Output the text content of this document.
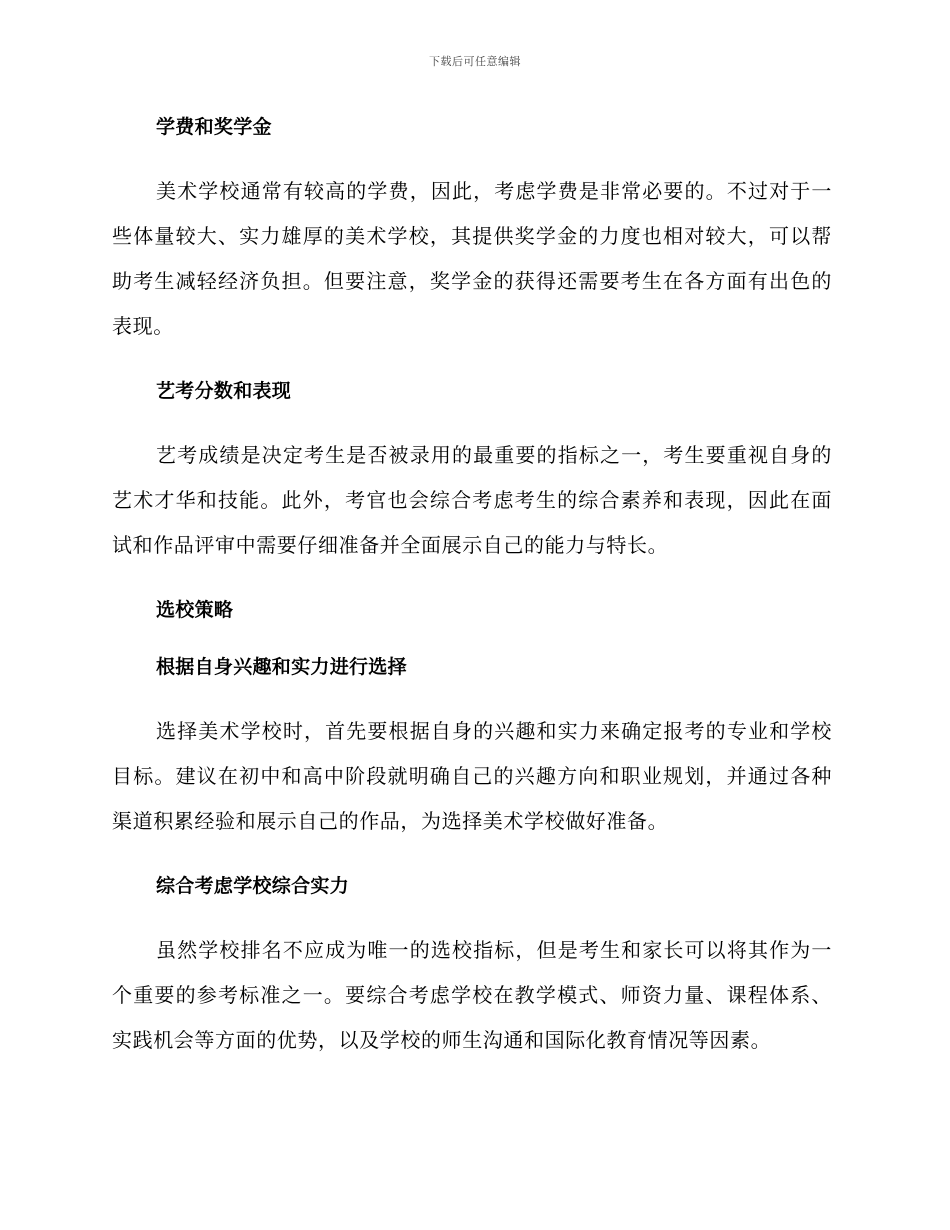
下载后可任意编辑
学费和奖学金

美术学校通常有较高的学费，因此，考虑学费是非常必要的。不过对于一些体量较大、实力雄厚的美术学校，其提供奖学金的力度也相对较大，可以帮助考生减轻经济负担。但要注意，奖学金的获得还需要考生在各方面有出色的表现。

艺考分数和表现

艺考成绩是决定考生是否被录用的最重要的指标之一，考生要重视自身的艺术才华和技能。此外，考官也会综合考虑考生的综合素养和表现，因此在面试和作品评审中需要仔细准备并全面展示自己的能力与特长。

选校策略
根据自身兴趣和实力进行选择

选择美术学校时，首先要根据自身的兴趣和实力来确定报考的专业和学校目标。建议在初中和高中阶段就明确自己的兴趣方向和职业规划，并通过各种渠道积累经验和展示自己的作品，为选择美术学校做好准备。

综合考虑学校综合实力

虽然学校排名不应成为唯一的选校指标，但是考生和家长可以将其作为一个重要的参考标准之一。要综合考虑学校在教学模式、师资力量、课程体系、实践机会等方面的优势，以及学校的师生沟通和国际化教育情况等因素。
